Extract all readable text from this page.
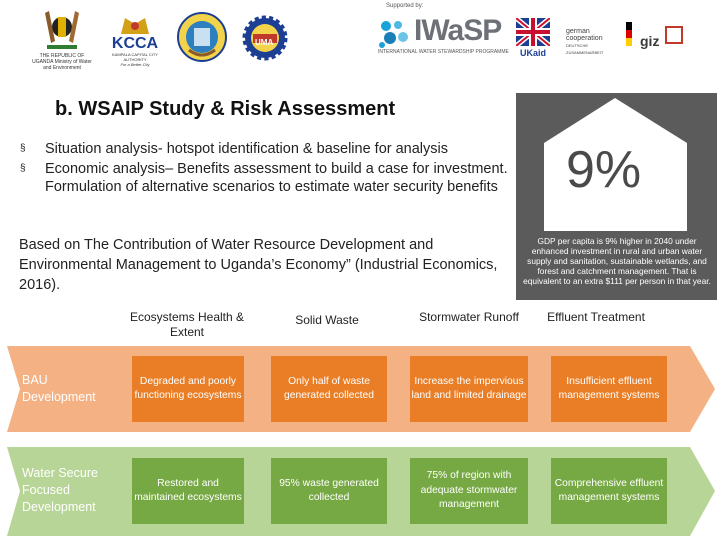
THE REPUBLIC OF UGANDA Ministry of Water and Environment
KCCA
KAMPALA CAPITAL CITY AUTHORITY
For a Better City
UMA
Supported by:
IWaSP
INTERNATIONAL WATER STEWARDSHIP PROGRAMME UKaid
german cooperation
DEUTSCHE ZUSAMMENARBEIT
giz
b. WSAIP Study & Risk Assessment
§ Situation analysis- hotspot identification & baseline for analysis
§ Economic analysis– Benefits assessment to build a case for investment. Formulation of alternative scenarios to estimate water security benefits
Based on The Contribution of Water Resource Development and Environmental Management to Uganda’s Economy” (Industrial Economics, 2016).
9%
GDP per capita is 9% higher in 2040 under enhanced investment in rural and urban water supply and sanitation, sustainable wetlands, and forest and catchment management. That is equivalent to an extra $111 per person in that year.
Ecosystems Health & Extent
Solid Waste	Stormwater Runoff	Effluent Treatment
BAU Development
Water Secure Focused Development
Degraded and poorly functioning ecosystems
Only half of waste generated collected
Increase the impervious land and limited drainage
Insufficient effluent management systems
Restored and maintained ecosystems
95% waste generated collected
75% of region with adequate stormwater management
Comprehensive effluent management systems
